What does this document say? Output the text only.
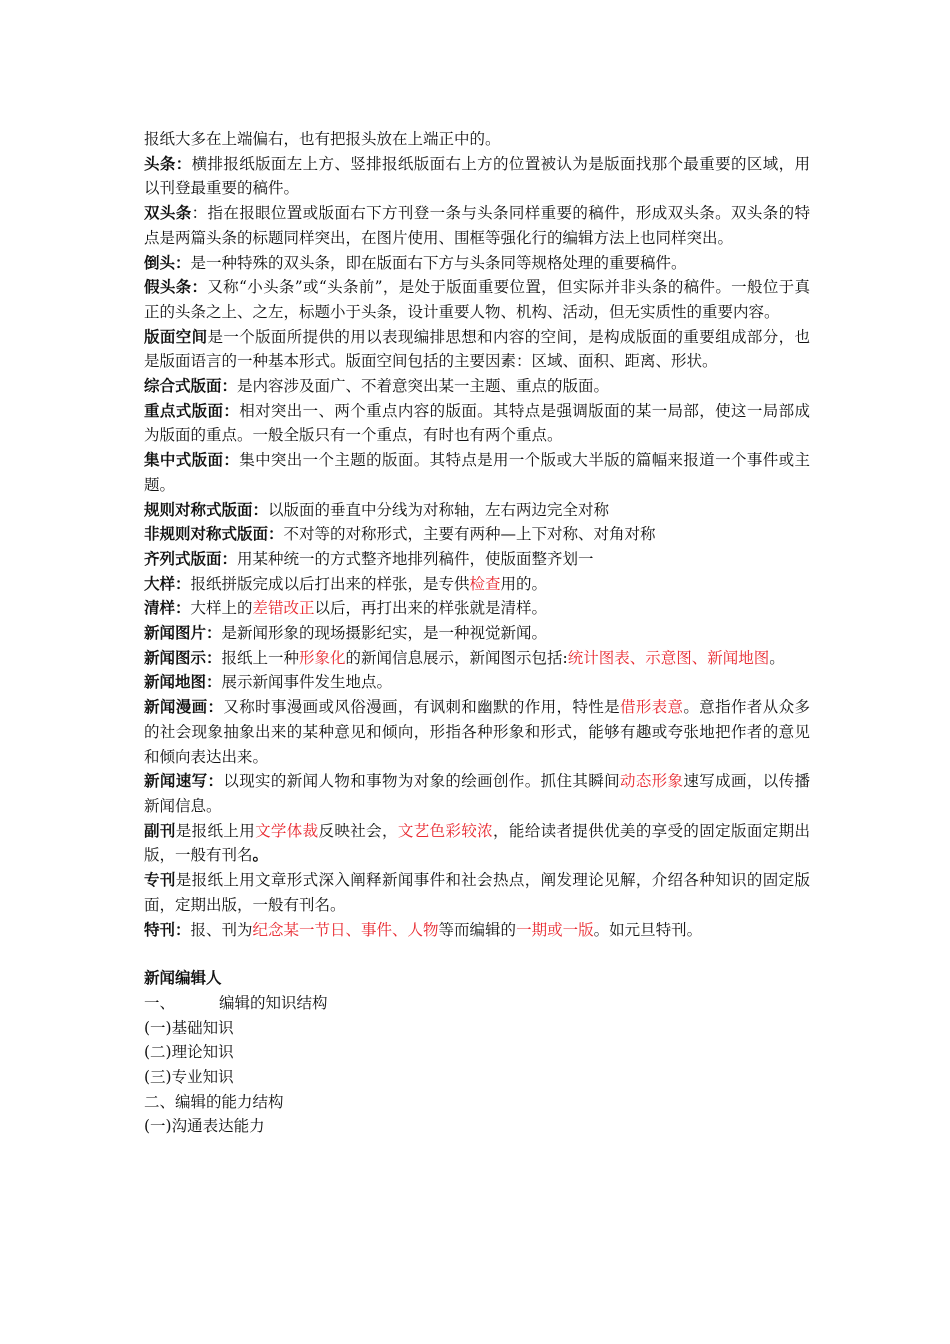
报纸大多在上端偏右，也有把报头放在上端正中的。

头条：横排报纸版面左上方、竖排报纸版面右上方的位置被认为是版面找那个最重要的区域，用以刊登最重要的稿件。

双头条：指在报眼位置或版面右下方刊登一条与头条同样重要的稿件，形成双头条。双头条的特点是两篇头条的标题同样突出，在图片使用、围框等强化行的编辑方法上也同样突出。

倒头：是一种特殊的双头条，即在版面右下方与头条同等规格处理的重要稿件。

假头条：又称“小头条”或“头条前”，是处于版面重要位置，但实际并非头条的稿件。一般位于真正的头条之上、之左，标题小于头条，设计重要人物、机构、活动，但无实质性的重要内容。

版面空间是一个版面所提供的用以表现编排思想和内容的空间，是构成版面的重要组成部分，也是版面语言的一种基本形式。版面空间包括的主要因素：区域、面积、距离、形状。

综合式版面：是内容涉及面广、不着意突出某一主题、重点的版面。

重点式版面：相对突出一、两个重点内容的版面。其特点是强调版面的某一局部，使这一局部成为版面的重点。一般全版只有一个重点，有时也有两个重点。

集中式版面：集中突出一个主题的版面。其特点是用一个版或大半版的篇幅来报道一个事件或主题。

规则对称式版面：以版面的垂直中分线为对称轴，左右两边完全对称

非规则对称式版面：不对等的对称形式，主要有两种—上下对称、对角对称

齐列式版面：用某种统一的方式整齐地排列稿件，使版面整齐划一

大样：报纸拼版完成以后打出来的样张，是专供检查用的。

清样：大样上的差错改正以后，再打出来的样张就是清样。

新闻图片：是新闻形象的现场摄影纪实，是一种视觉新闻。

新闻图示：报纸上一种形象化的新闻信息展示，新闻图示包括:统计图表、示意图、新闻地图。

新闻地图：展示新闻事件发生地点。

新闻漫画：又称时事漫画或风俗漫画，有讽刺和幽默的作用，特性是借形表意。意指作者从众多的社会现象抽象出来的某种意见和倾向，形指各种形象和形式，能够有趣或夸张地把作者的意见和倾向表达出来。

新闻速写：以现实的新闻人物和事物为对象的绘画创作。抓住其瞬间动态形象速写成画，以传播新闻信息。

副刊是报纸上用文学体裁反映社会，文艺色彩较浓，能给读者提供优美的享受的固定版面定期出版，一般有刊名。

专刊是报纸上用文章形式深入阐释新闻事件和社会热点，阐发理论见解，介绍各种知识的固定版面，定期出版，一般有刊名。

特刊：报、刊为纪念某一节日、事件、人物等而编辑的一期或一版。如元旦特刊。

新闻编辑人

一、	编辑的知识结构

(一)基础知识

(二)理论知识

(三)专业知识

二、编辑的能力结构

(一)沟通表达能力
